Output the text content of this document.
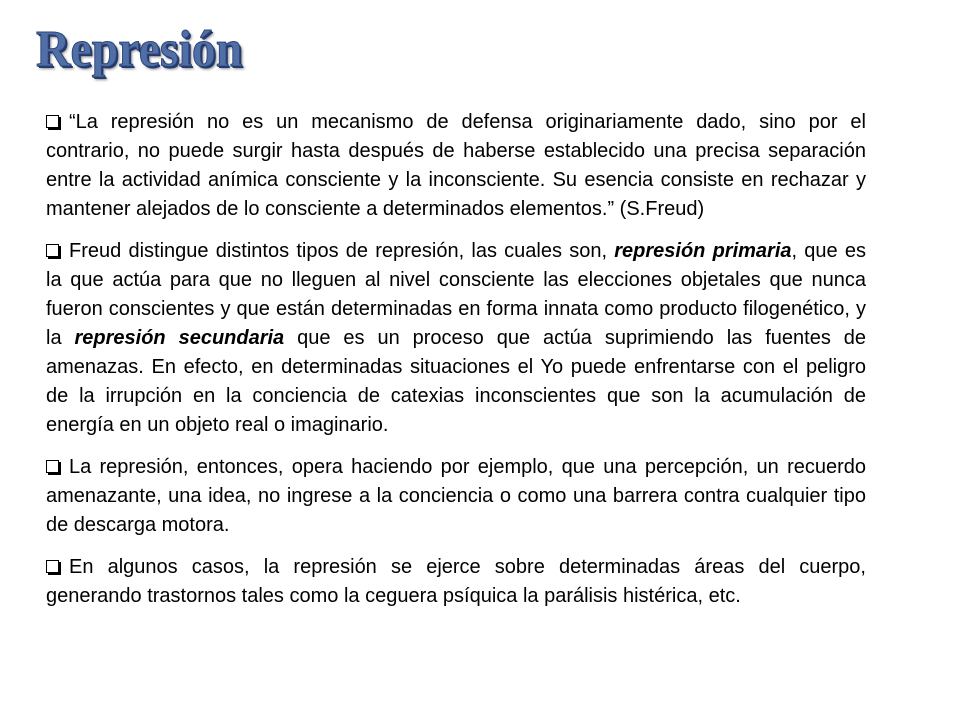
Represión

“La represión no es un mecanismo de defensa originariamente dado, sino por el contrario, no puede surgir hasta después de haberse establecido una precisa separación entre la actividad anímica consciente y la inconsciente. Su esencia consiste en rechazar y mantener alejados de lo consciente a determinados elementos.” (S.Freud)

Freud distingue distintos tipos de represión, las cuales son, represión primaria, que es la que actúa para que no lleguen al nivel consciente las elecciones objetales que nunca fueron conscientes y que están determinadas en forma innata como producto filogenético, y la represión secundaria que es un proceso que actúa suprimiendo las fuentes de amenazas. En efecto, en determinadas situaciones el Yo puede enfrentarse con el peligro de la irrupción en la conciencia de catexias inconscientes que son la acumulación de energía en un objeto real o imaginario.

La represión, entonces, opera haciendo por ejemplo, que una percepción, un recuerdo amenazante, una idea, no ingrese a la conciencia o como una barrera contra cualquier tipo de descarga motora.

En algunos casos, la represión se ejerce sobre determinadas áreas del cuerpo, generando trastornos tales como la ceguera psíquica la parálisis histérica, etc.
